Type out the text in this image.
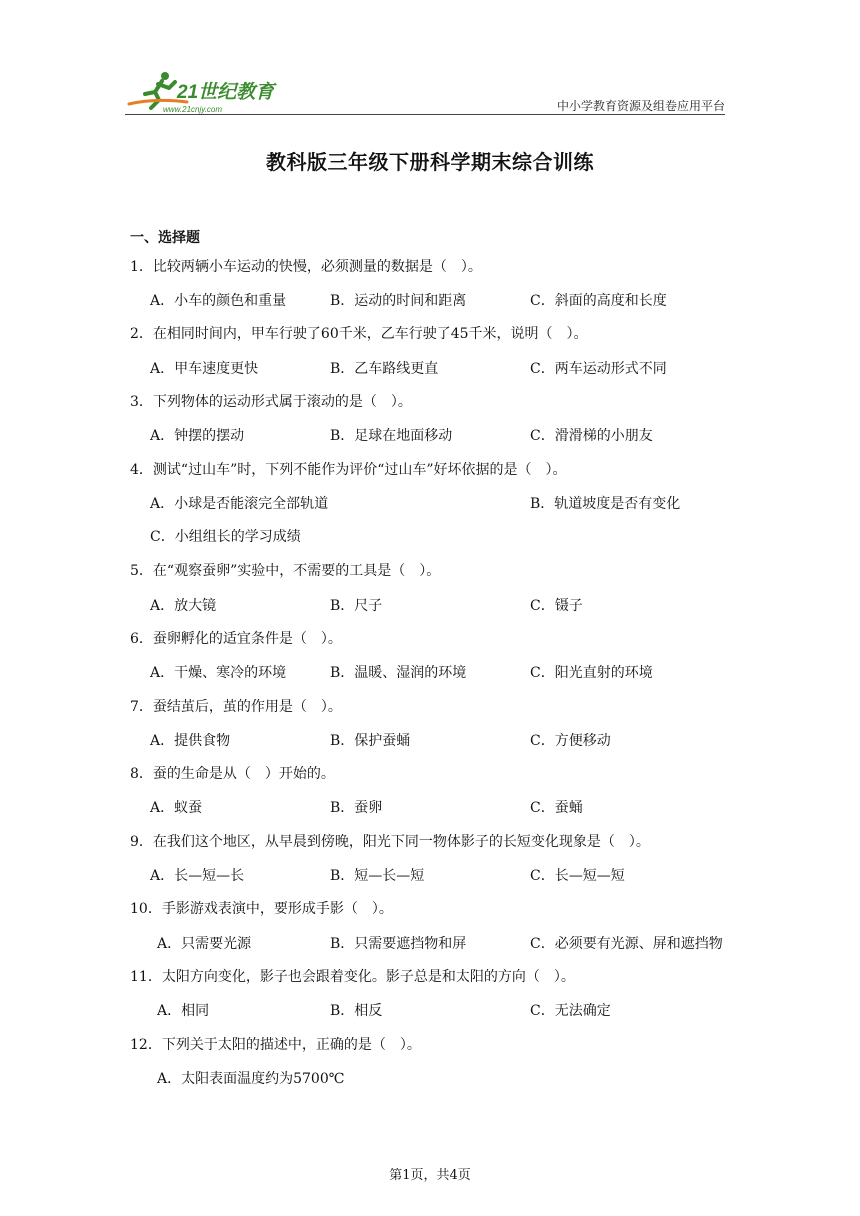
21世纪教育
www.21cnjy.com	中小学教育资源及组卷应用平台
教科版三年级下册科学期末综合训练
一、选择题
1．比较两辆小车运动的快慢，必须测量的数据是（　）。
A．小车的颜色和重量	B．运动的时间和距离	C．斜面的高度和长度
2．在相同时间内，甲车行驶了60千米，乙车行驶了45千米，说明（　）。
A．甲车速度更快	B．乙车路线更直	C．两车运动形式不同
3．下列物体的运动形式属于滚动的是（　）。
A．钟摆的摆动	B．足球在地面移动	C．滑滑梯的小朋友
4．测试“过山车”时，下列不能作为评价“过山车”好坏依据的是（　）。
A．小球是否能滚完全部轨道	B．轨道坡度是否有变化
C．小组组长的学习成绩
5．在“观察蚕卵”实验中，不需要的工具是（　）。
A．放大镜	B．尺子	C．镊子
6．蚕卵孵化的适宜条件是（　）。
A．干燥、寒冷的环境	B．温暖、湿润的环境	C．阳光直射的环境
7．蚕结茧后，茧的作用是（　）。
A．提供食物	B．保护蚕蛹	C．方便移动
8．蚕的生命是从（　）开始的。
A．蚁蚕	B．蚕卵	C．蚕蛹
9．在我们这个地区，从早晨到傍晚，阳光下同一物体影子的长短变化现象是（　）。
A．长—短—长	B．短—长—短	C．长—短—短
10．手影游戏表演中，要形成手影（　）。
A．只需要光源	B．只需要遮挡物和屏	C．必须要有光源、屏和遮挡物
11．太阳方向变化，影子也会跟着变化。影子总是和太阳的方向（　）。
A．相同	B．相反	C．无法确定
12．下列关于太阳的描述中，正确的是（　）。
A．太阳表面温度约为5700℃
第1页，共4页
